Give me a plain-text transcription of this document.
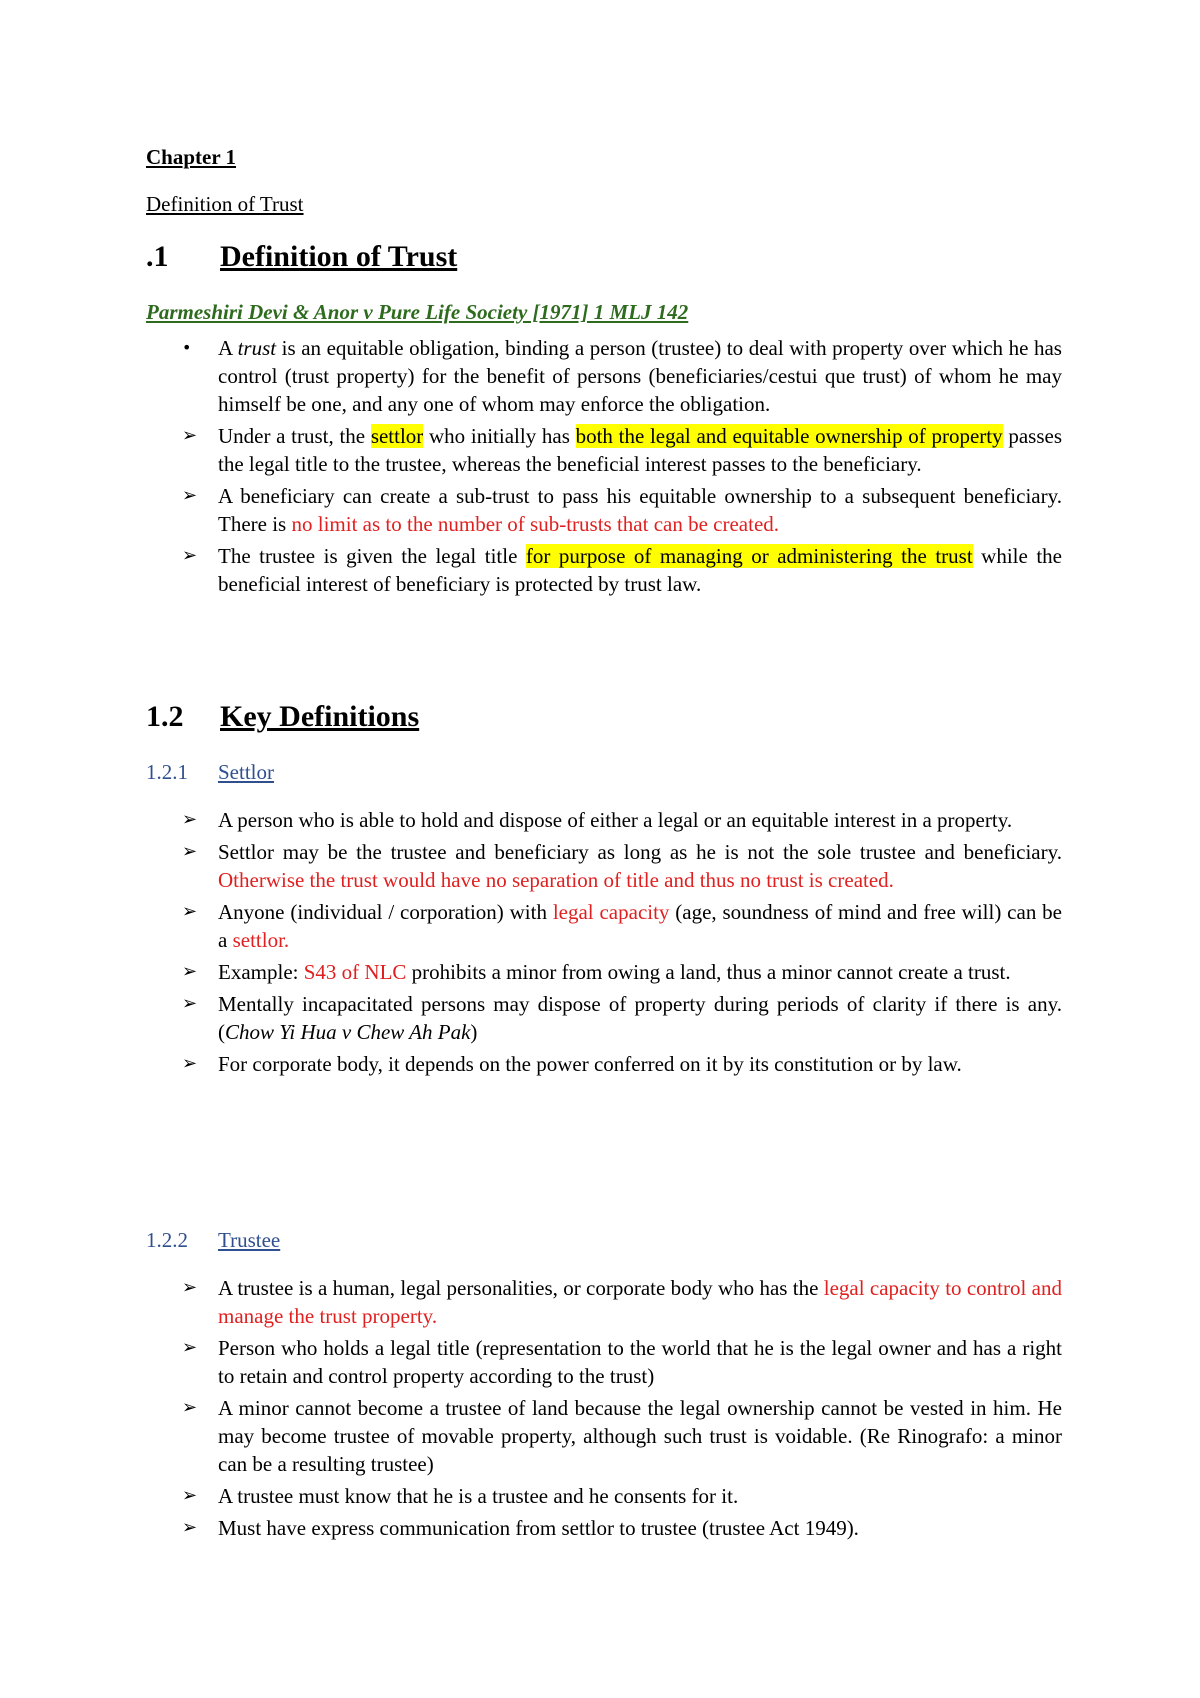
Chapter 1
Definition of Trust
.1 Definition of Trust
Parmeshiri Devi & Anor v Pure Life Society [1971] 1 MLJ 142
•	A trust is an equitable obligation, binding a person (trustee) to deal with property over which he has control (trust property) for the benefit of persons (beneficiaries/cestui que trust) of whom he may himself be one, and any one of whom may enforce the obligation.
➢ Under a trust, the settlor who initially has both the legal and equitable ownership of property passes the legal title to the trustee, whereas the beneficial interest passes to the beneficiary.
➢ A beneficiary can create a sub-trust to pass his equitable ownership to a subsequent beneficiary. There is no limit as to the number of sub-trusts that can be created.
➢ The trustee is given the legal title for purpose of managing or administering the trust while the beneficial interest of beneficiary is protected by trust law.
1.2 Key Definitions
1.2.1 Settlor
➢ A person who is able to hold and dispose of either a legal or an equitable interest in a property.
➢ Settlor may be the trustee and beneficiary as long as he is not the sole trustee and beneficiary. Otherwise the trust would have no separation of title and thus no trust is created.
➢ Anyone (individual / corporation) with legal capacity (age, soundness of mind and free will) can be a settlor.
➢ Example: S43 of NLC prohibits a minor from owing a land, thus a minor cannot create a trust.
➢ Mentally incapacitated persons may dispose of property during periods of clarity if there is any. (Chow Yi Hua v Chew Ah Pak)
➢ For corporate body, it depends on the power conferred on it by its constitution or by law.
1.2.2 Trustee
➢ A trustee is a human, legal personalities, or corporate body who has the legal capacity to control and manage the trust property.
➢ Person who holds a legal title (representation to the world that he is the legal owner and has a right to retain and control property according to the trust)
➢ A minor cannot become a trustee of land because the legal ownership cannot be vested in him. He may become trustee of movable property, although such trust is voidable. (Re Rinografo: a minor can be a resulting trustee)
➢ A trustee must know that he is a trustee and he consents for it.
➢ Must have express communication from settlor to trustee (trustee Act 1949).
